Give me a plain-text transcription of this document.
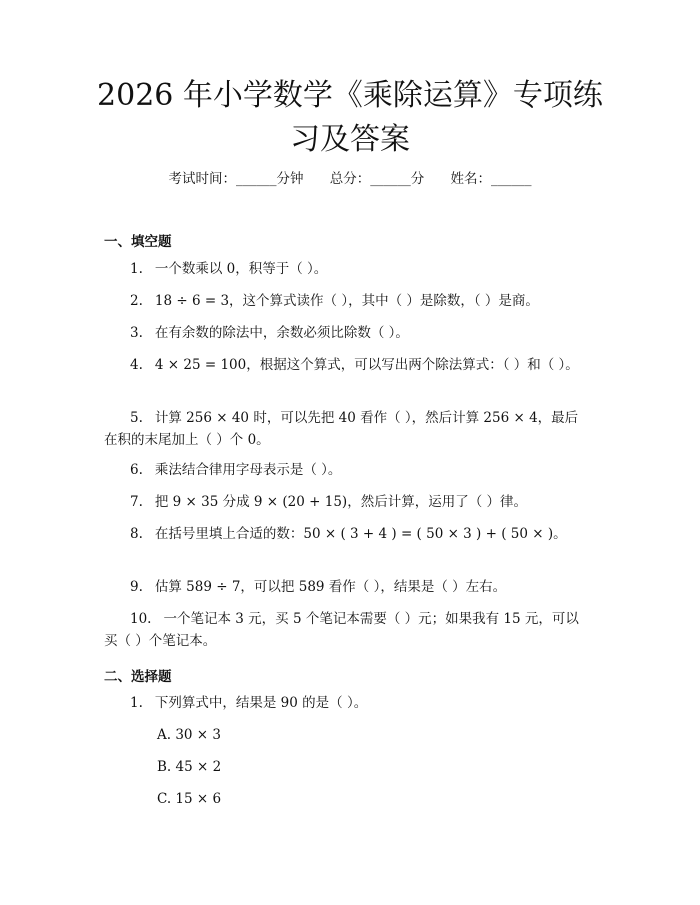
2026 年小学数学《乘除运算》专项练习及答案
考试时间：______分钟 总分：______分 姓名：______
一、填空题
1. 一个数乘以 0，积等于（ ）。
2. 18 ÷ 6 = 3，这个算式读作（ ），其中（ ）是除数，（ ）是商。
3. 在有余数的除法中，余数必须比除数（ ）。
4. 4 × 25 = 100，根据这个算式，可以写出两个除法算式：（ ）和（ ）。
5. 计算 256 × 40 时，可以先把 40 看作（ ），然后计算 256 × 4，最后在积的末尾加上（ ）个 0。
6. 乘法结合律用字母表示是（ ）。
7. 把 9 × 35 分成 9 × (20 + 15)，然后计算，运用了（ ）律。
8. 在括号里填上合适的数：50 × ( 3 + 4 ) = ( 50 × 3 ) + ( 50 × )。
9. 估算 589 ÷ 7，可以把 589 看作（ ），结果是（ ）左右。
10. 一个笔记本 3 元，买 5 个笔记本需要（ ）元；如果我有 15 元，可以买（ ）个笔记本。
二、选择题
1. 下列算式中，结果是 90 的是（ ）。
A. 30 × 3
B. 45 × 2
C. 15 × 6
